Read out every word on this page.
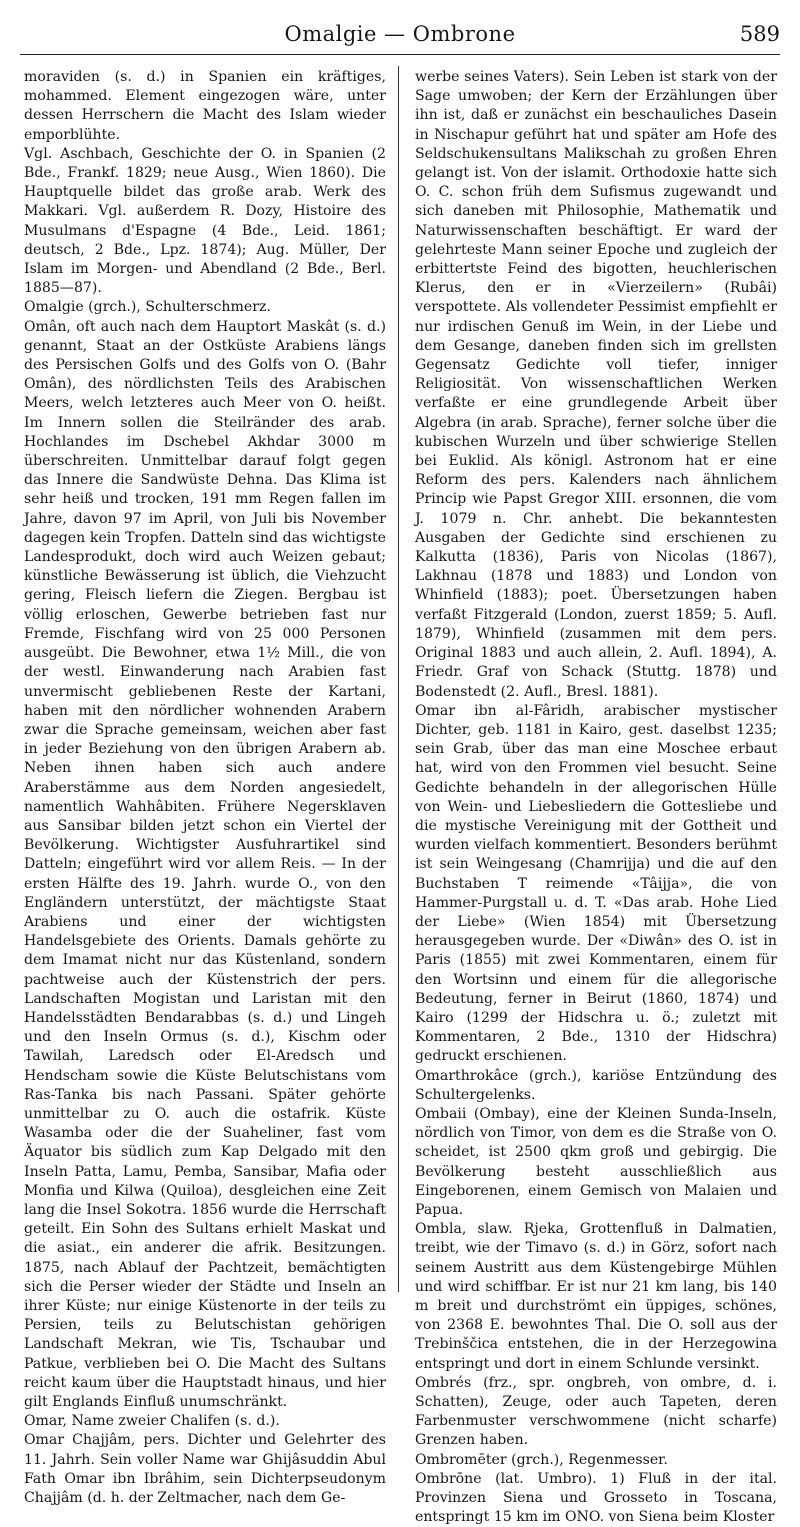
Omalgie — Ombrone	589

moraviden (s. d.) in Spanien ein kräftiges, mohammed. Element eingezogen wäre, unter dessen Herrschern die Macht des Islam wieder emporblühte.

Vgl. Aschbach, Geschichte der O. in Spanien (2 Bde., Frankf. 1829; neue Ausg., Wien 1860). Die Hauptquelle bildet das große arab. Werk des Makkari. Vgl. außerdem R. Dozy, Histoire des Musulmans d'Espagne (4 Bde., Leid. 1861; deutsch, 2 Bde., Lpz. 1874); Aug. Müller, Der Islam im Morgen- und Abendland (2 Bde., Berl. 1885—87).

Omalgie (grch.), Schulterschmerz.

Omân, oft auch nach dem Hauptort Maskât (s. d.) genannt, Staat an der Ostküste Arabiens längs des Persischen Golfs und des Golfs von O. (Bahr Omân), des nördlichsten Teils des Arabischen Meers, welch letzteres auch Meer von O. heißt. Im Innern sollen die Steilränder des arab. Hochlandes im Dschebel Akhdar 3000 m überschreiten. Unmittelbar darauf folgt gegen das Innere die Sandwüste Dehna. Das Klima ist sehr heiß und trocken, 191 mm Regen fallen im Jahre, davon 97 im April, von Juli bis November dagegen kein Tropfen. Datteln sind das wichtigste Landesprodukt, doch wird auch Weizen gebaut; künstliche Bewässerung ist üblich, die Viehzucht gering, Fleisch liefern die Ziegen. Bergbau ist völlig erloschen, Gewerbe betrieben fast nur Fremde, Fischfang wird von 25 000 Personen ausgeübt. Die Bewohner, etwa 1½ Mill., die von der westl. Einwanderung nach Arabien fast unvermischt gebliebenen Reste der Kartani, haben mit den nördlicher wohnenden Arabern zwar die Sprache gemeinsam, weichen aber fast in jeder Beziehung von den übrigen Arabern ab. Neben ihnen haben sich auch andere Araberstämme aus dem Norden angesiedelt, namentlich Wahhâbiten. Frühere Negersklaven aus Sansibar bilden jetzt schon ein Viertel der Bevölkerung. Wichtigster Ausfuhrartikel sind Datteln; eingeführt wird vor allem Reis. — In der ersten Hälfte des 19. Jahrh. wurde O., von den Engländern unterstützt, der mächtigste Staat Arabiens und einer der wichtigsten Handelsgebiete des Orients. Damals gehörte zu dem Imamat nicht nur das Küstenland, sondern pachtweise auch der Küstenstrich der pers. Landschaften Mogistan und Laristan mit den Handelsstädten Bendarabbas (s. d.) und Lingeh und den Inseln Ormus (s. d.), Kischm oder Tawilah, Laredsch oder El-Aredsch und Hendscham sowie die Küste Belutschistans vom Ras-Tanka bis nach Passani. Später gehörte unmittelbar zu O. auch die ostafrik. Küste Wasamba oder die der Suaheliner, fast vom Äquator bis südlich zum Kap Delgado mit den Inseln Patta, Lamu, Pemba, Sansibar, Mafia oder Monfia und Kilwa (Quiloa), desgleichen eine Zeit lang die Insel Sokotra. 1856 wurde die Herrschaft geteilt. Ein Sohn des Sultans erhielt Maskat und die asiat., ein anderer die afrik. Besitzungen. 1875, nach Ablauf der Pachtzeit, bemächtigten sich die Perser wieder der Städte und Inseln an ihrer Küste; nur einige Küstenorte in der teils zu Persien, teils zu Belutschistan gehörigen Landschaft Mekran, wie Tis, Tschaubar und Patkue, verblieben bei O. Die Macht des Sultans reicht kaum über die Hauptstadt hinaus, und hier gilt Englands Einfluß unumschränkt.

Omar, Name zweier Chalifen (s. d.).

Omar Chajjâm, pers. Dichter und Gelehrter des 11. Jahrh. Sein voller Name war Ghijâsuddin Abul Fath Omar ibn Ibrâhim, sein Dichterpseudonym Chajjâm (d. h. der Zeltmacher, nach dem Ge-

werbe seines Vaters). Sein Leben ist stark von der Sage umwoben; der Kern der Erzählungen über ihn ist, daß er zunächst ein beschauliches Dasein in Nischapur geführt hat und später am Hofe des Seldschukensultans Malikschah zu großen Ehren gelangt ist. Von der islamit. Orthodoxie hatte sich O. C. schon früh dem Sufismus zugewandt und sich daneben mit Philosophie, Mathematik und Naturwissenschaften beschäftigt. Er ward der gelehrteste Mann seiner Epoche und zugleich der erbittertste Feind des bigotten, heuchlerischen Klerus, den er in «Vierzeilern» (Rubâi) verspottete. Als vollendeter Pessimist empfiehlt er nur irdischen Genuß im Wein, in der Liebe und dem Gesange, daneben finden sich im grellsten Gegensatz Gedichte voll tiefer, inniger Religiosität. Von wissenschaftlichen Werken verfaßte er eine grundlegende Arbeit über Algebra (in arab. Sprache), ferner solche über die kubischen Wurzeln und über schwierige Stellen bei Euklid. Als königl. Astronom hat er eine Reform des pers. Kalenders nach ähnlichem Princip wie Papst Gregor XIII. ersonnen, die vom J. 1079 n. Chr. anhebt. Die bekanntesten Ausgaben der Gedichte sind erschienen zu Kalkutta (1836), Paris von Nicolas (1867), Lakhnau (1878 und 1883) und London von Whinfield (1883); poet. Übersetzungen haben verfaßt Fitzgerald (London, zuerst 1859; 5. Aufl. 1879), Whinfield (zusammen mit dem pers. Original 1883 und auch allein, 2. Aufl. 1894), A. Friedr. Graf von Schack (Stuttg. 1878) und Bodenstedt (2. Aufl., Bresl. 1881).

Omar ibn al-Fâridh, arabischer mystischer Dichter, geb. 1181 in Kairo, gest. daselbst 1235; sein Grab, über das man eine Moschee erbaut hat, wird von den Frommen viel besucht. Seine Gedichte behandeln in der allegorischen Hülle von Wein- und Liebesliedern die Gottesliebe und die mystische Vereinigung mit der Gottheit und wurden vielfach kommentiert. Besonders berühmt ist sein Weingesang (Chamrijja) und die auf den Buchstaben T reimende «Tâijja», die von Hammer-Purgstall u. d. T. «Das arab. Hohe Lied der Liebe» (Wien 1854) mit Übersetzung herausgegeben wurde. Der «Diwân» des O. ist in Paris (1855) mit zwei Kommentaren, einem für den Wortsinn und einem für die allegorische Bedeutung, ferner in Beirut (1860, 1874) und Kairo (1299 der Hidschra u. ö.; zuletzt mit Kommentaren, 2 Bde., 1310 der Hidschra) gedruckt erschienen.

Omarthrokâce (grch.), kariöse Entzündung des Schultergelenks.

Ombaii (Ombay), eine der Kleinen Sunda-Inseln, nördlich von Timor, von dem es die Straße von O. scheidet, ist 2500 qkm groß und gebirgig. Die Bevölkerung besteht ausschließlich aus Eingeborenen, einem Gemisch von Malaien und Papua.

Ombla, slaw. Rjeka, Grottenfluß in Dalmatien, treibt, wie der Timavo (s. d.) in Görz, sofort nach seinem Austritt aus dem Küstengebirge Mühlen und wird schiffbar. Er ist nur 21 km lang, bis 140 m breit und durchströmt ein üppiges, schönes, von 2368 E. bewohntes Thal. Die O. soll aus der Trebinščica entstehen, die in der Herzegowina entspringt und dort in einem Schlunde versinkt.

Ombrés (frz., spr. ongbreh, von ombre, d. i. Schatten), Zeuge, oder auch Tapeten, deren Farbenmuster verschwommene (nicht scharfe) Grenzen haben.

Ombromēter (grch.), Regenmesser.

Ombrōne (lat. Umbro). 1) Fluß in der ital. Provinzen Siena und Grosseto in Toscana, entspringt 15 km im ONO. von Siena beim Kloster
